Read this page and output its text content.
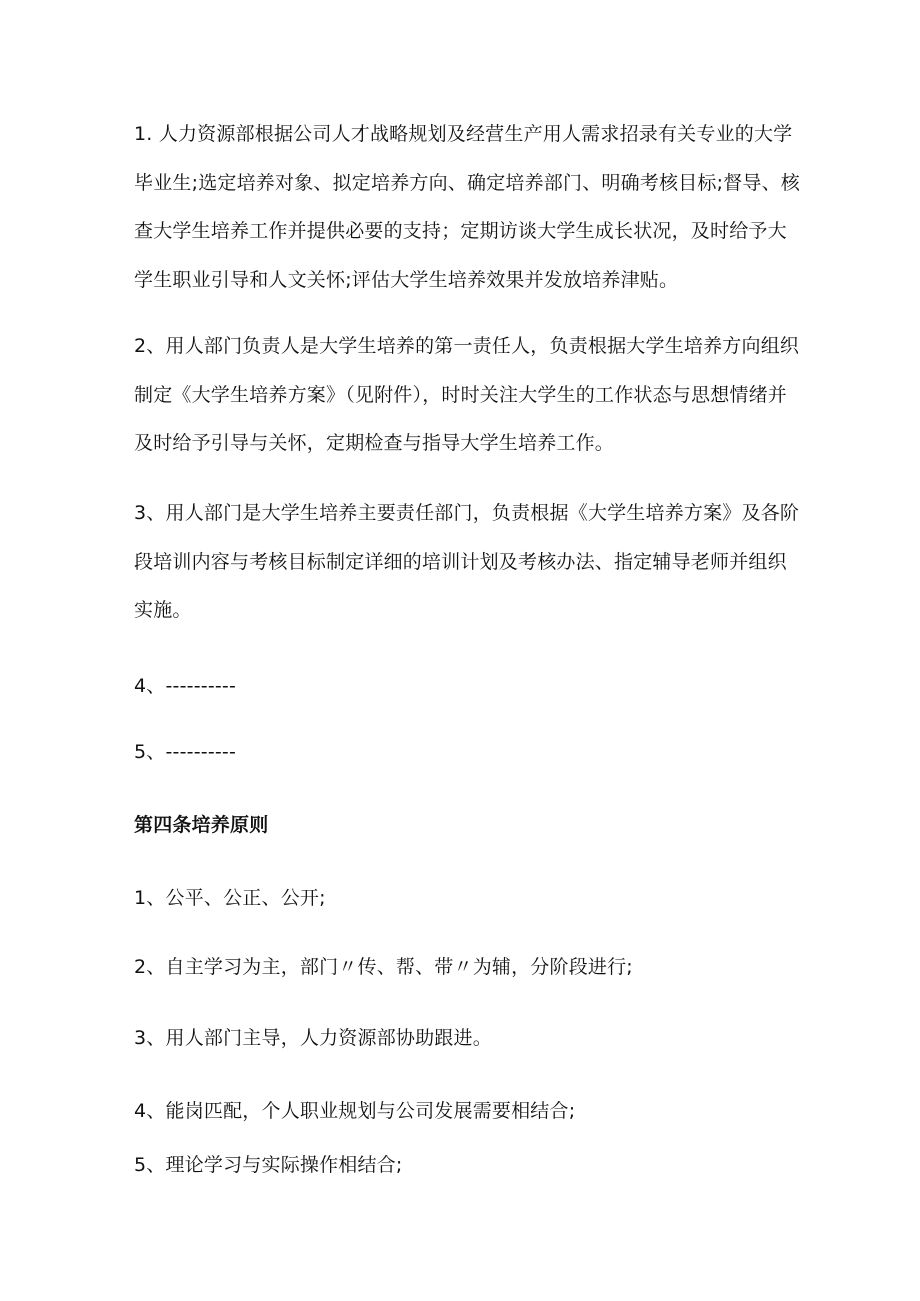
1. 人力资源部根据公司人才战略规划及经营生产用人需求招录有关专业的大学毕业生;选定培养对象、拟定培养方向、确定培养部门、明确考核目标;督导、核查大学生培养工作并提供必要的支持；定期访谈大学生成长状况，及时给予大学生职业引导和人文关怀;评估大学生培养效果并发放培养津贴。

2、用人部门负责人是大学生培养的第一责任人，负责根据大学生培养方向组织制定《大学生培养方案》（见附件），时时关注大学生的工作状态与思想情绪并及时给予引导与关怀，定期检查与指导大学生培养工作。

3、用人部门是大学生培养主要责任部门，负责根据《大学生培养方案》及各阶段培训内容与考核目标制定详细的培训计划及考核办法、指定辅导老师并组织实施。

4、----------

5、----------

第四条培养原则

1、公平、公正、公开;

2、自主学习为主，部门〃传、帮、带〃为辅，分阶段进行;

3、用人部门主导，人力资源部协助跟进。

4、能岗匹配，个人职业规划与公司发展需要相结合;

5、理论学习与实际操作相结合;
